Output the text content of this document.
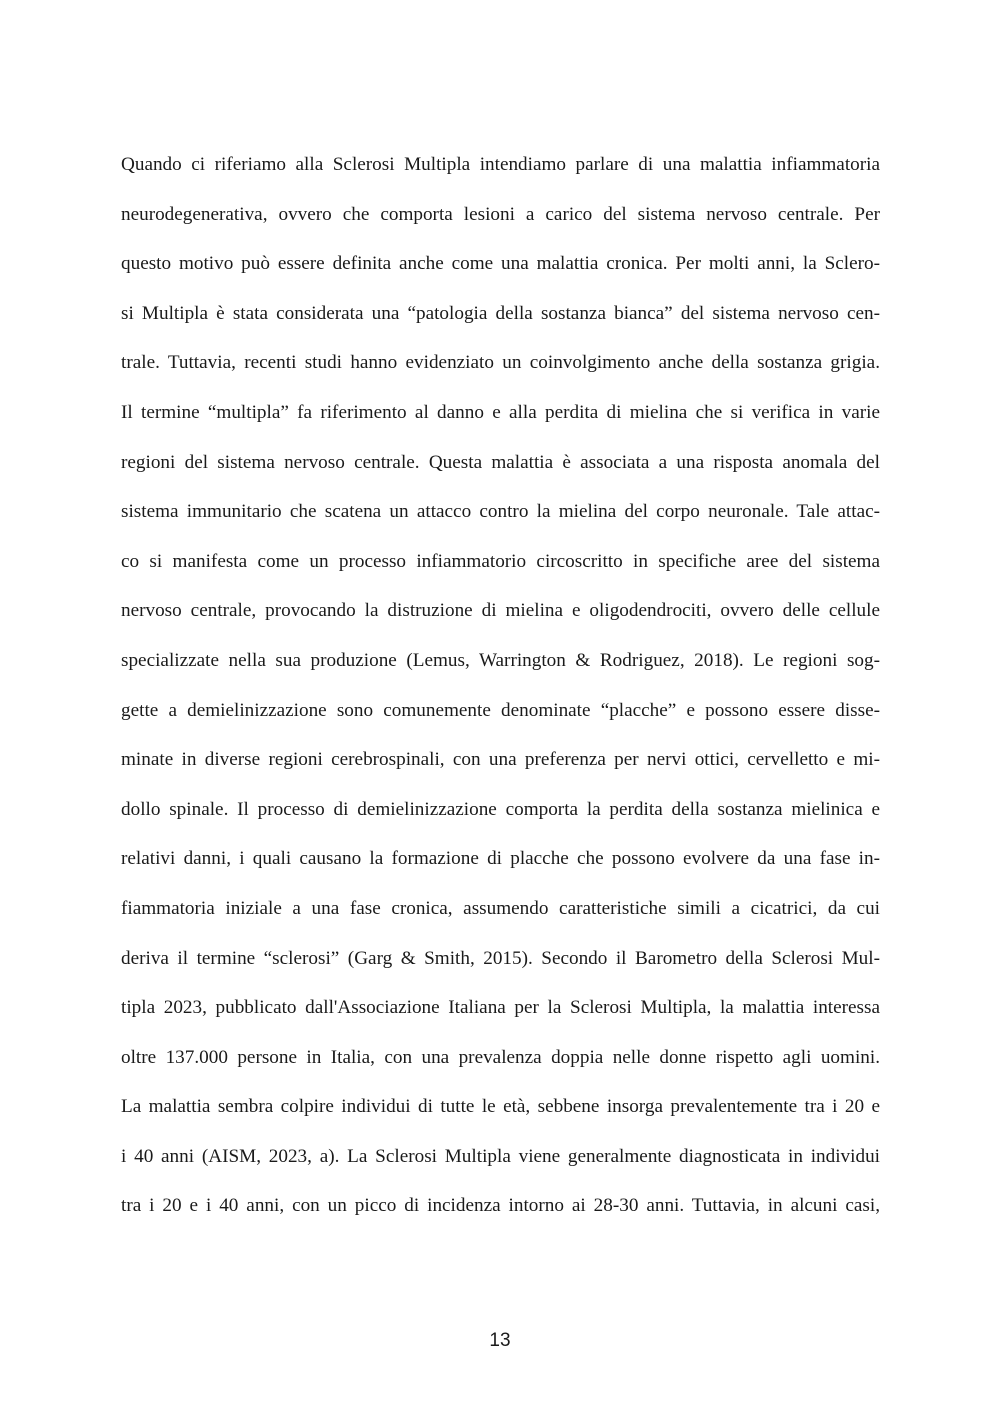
Quando ci riferiamo alla Sclerosi Multipla intendiamo parlare di una malattia infiammatoria
neurodegenerativa, ovvero che comporta lesioni a carico del sistema nervoso centrale. Per
questo motivo può essere definita anche come una malattia cronica. Per molti anni, la Sclero-
si Multipla è stata considerata una “patologia della sostanza bianca” del sistema nervoso cen-
trale. Tuttavia, recenti studi hanno evidenziato un coinvolgimento anche della sostanza grigia.
Il termine “multipla” fa riferimento al danno e alla perdita di mielina che si verifica in varie
regioni del sistema nervoso centrale. Questa malattia è associata a una risposta anomala del
sistema immunitario che scatena un attacco contro la mielina del corpo neuronale. Tale attac-
co si manifesta come un processo infiammatorio circoscritto in specifiche aree del sistema
nervoso centrale, provocando la distruzione di mielina e oligodendrociti, ovvero delle cellule
specializzate nella sua produzione (Lemus, Warrington & Rodriguez, 2018). Le regioni sog-
gette a demielinizzazione sono comunemente denominate “placche” e possono essere disse-
minate in diverse regioni cerebrospinali, con una preferenza per nervi ottici, cervelletto e mi-
dollo spinale. Il processo di demielinizzazione comporta la perdita della sostanza mielinica e
relativi danni, i quali causano la formazione di placche che possono evolvere da una fase in-
fiammatoria iniziale a una fase cronica, assumendo caratteristiche simili a cicatrici, da cui
deriva il termine “sclerosi” (Garg & Smith, 2015). Secondo il Barometro della Sclerosi Mul-
tipla 2023, pubblicato dall'Associazione Italiana per la Sclerosi Multipla, la malattia interessa
oltre 137.000 persone in Italia, con una prevalenza doppia nelle donne rispetto agli uomini.
La malattia sembra colpire individui di tutte le età, sebbene insorga prevalentemente tra i 20 e
i 40 anni (AISM, 2023, a). La Sclerosi Multipla viene generalmente diagnosticata in individui
tra i 20 e i 40 anni, con un picco di incidenza intorno ai 28-30 anni. Tuttavia, in alcuni casi,
13
